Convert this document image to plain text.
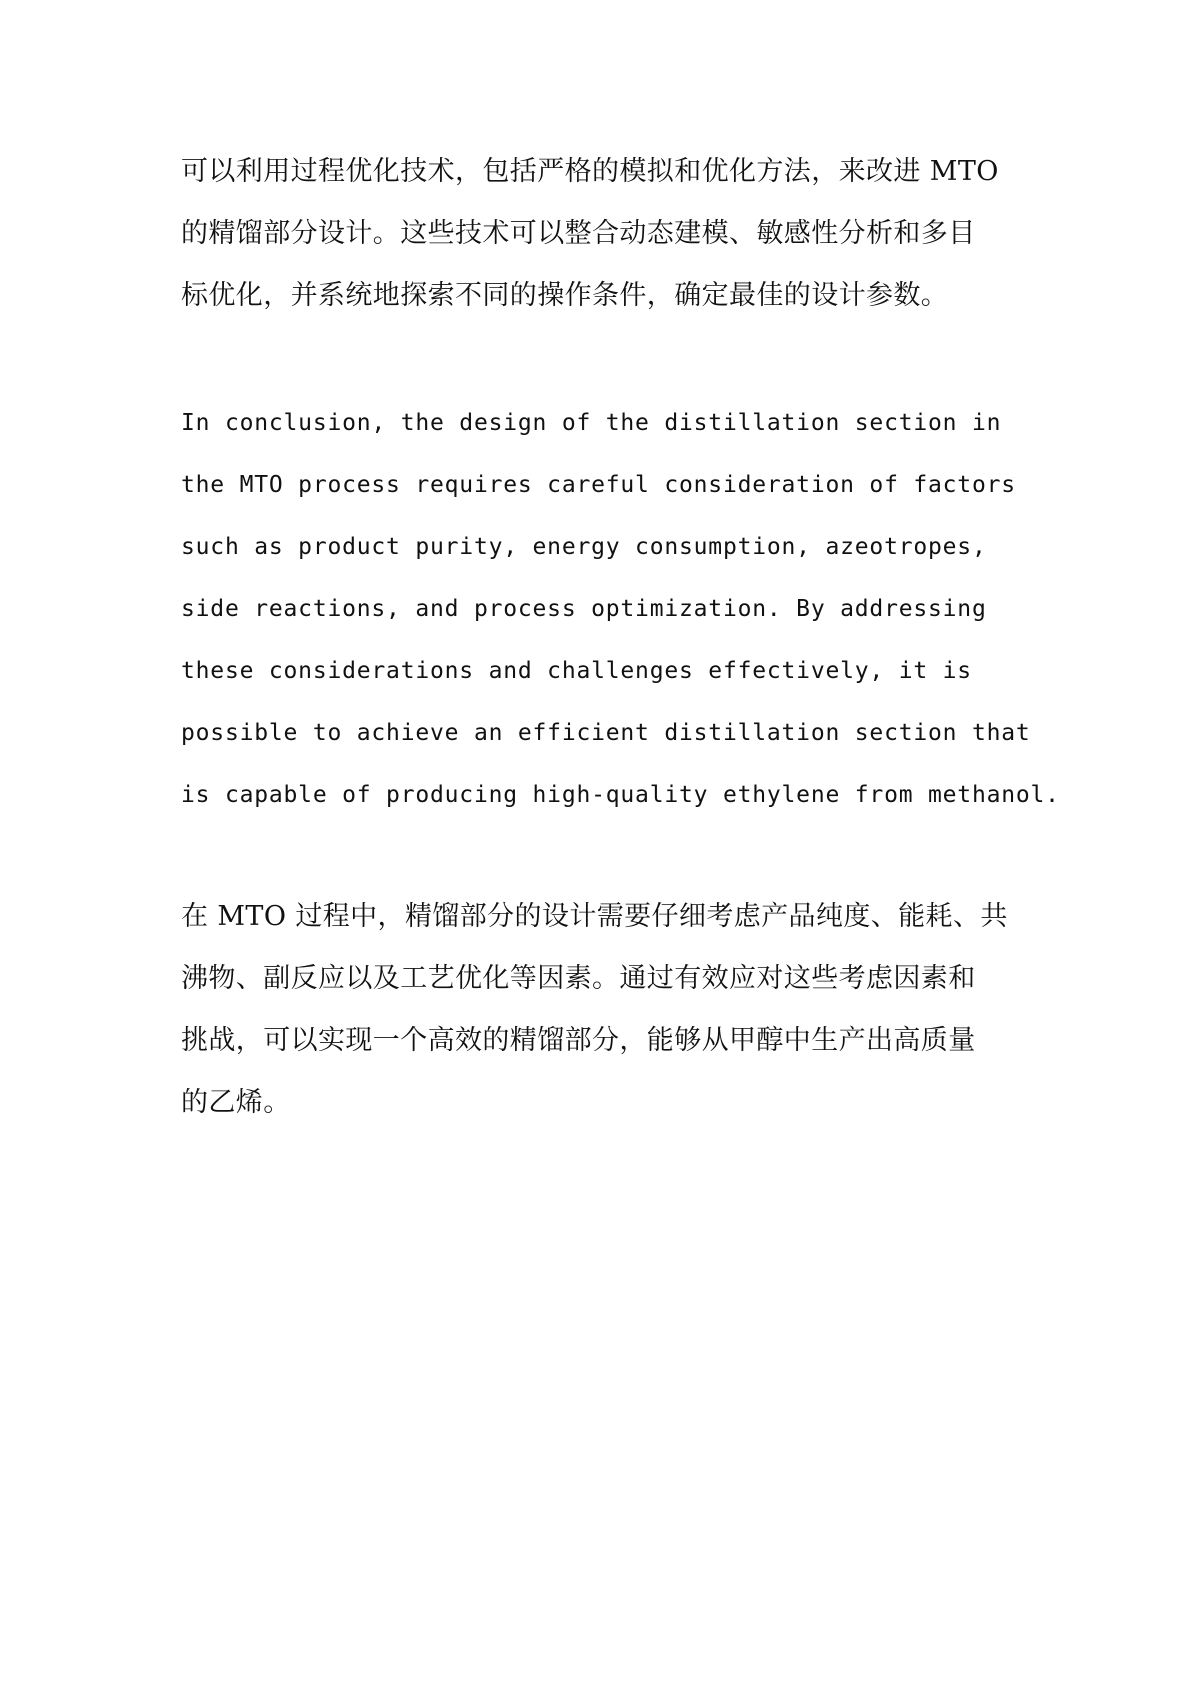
可以利用过程优化技术，包括严格的模拟和优化方法，来改进 MTO
的精馏部分设计。这些技术可以整合动态建模、敏感性分析和多目
标优化，并系统地探索不同的操作条件，确定最佳的设计参数。
In conclusion, the design of the distillation section in
the MTO process requires careful consideration of factors
such as product purity, energy consumption, azeotropes,
side reactions, and process optimization. By addressing
these considerations and challenges effectively, it is
possible to achieve an efficient distillation section that
is capable of producing high-quality ethylene from methanol.
在 MTO 过程中，精馏部分的设计需要仔细考虑产品纯度、能耗、共
沸物、副反应以及工艺优化等因素。通过有效应对这些考虑因素和
挑战，可以实现一个高效的精馏部分，能够从甲醇中生产出高质量
的乙烯。
